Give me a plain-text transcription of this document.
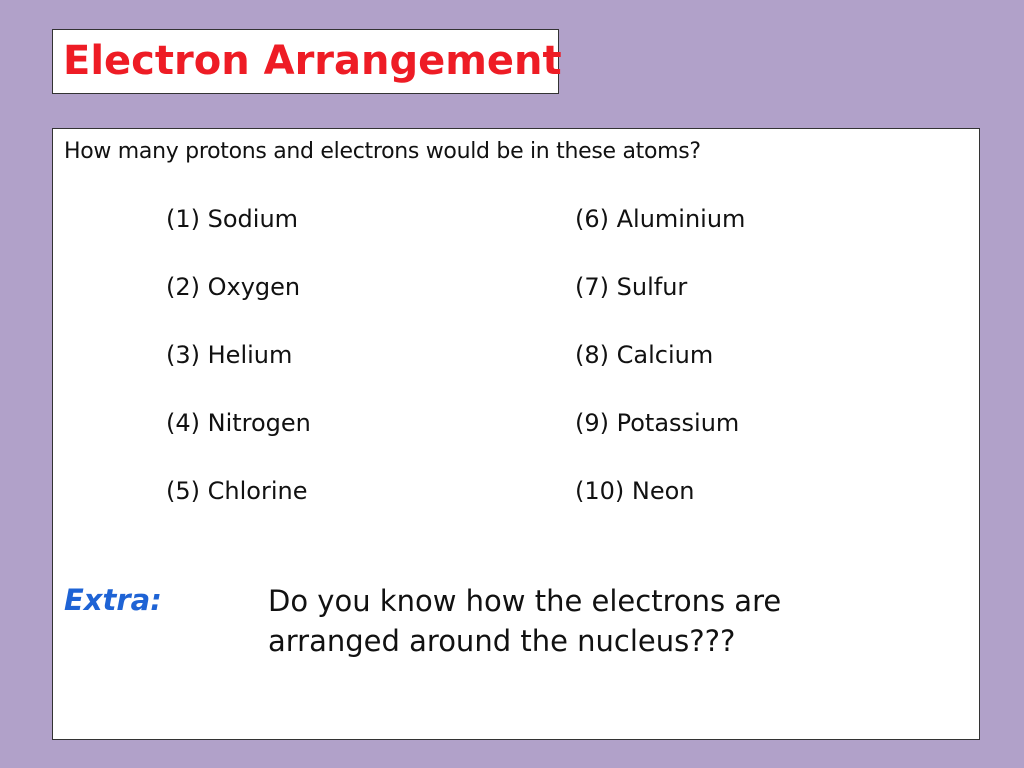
Electron Arrangement
How many protons and electrons would be in these atoms?
(1) Sodium
(2) Oxygen
(3) Helium
(4) Nitrogen
(5) Chlorine
(6) Aluminium
(7) Sulfur
(8) Calcium
(9) Potassium
(10) Neon
Extra:	Do you know how the electrons are
arranged around the nucleus???
